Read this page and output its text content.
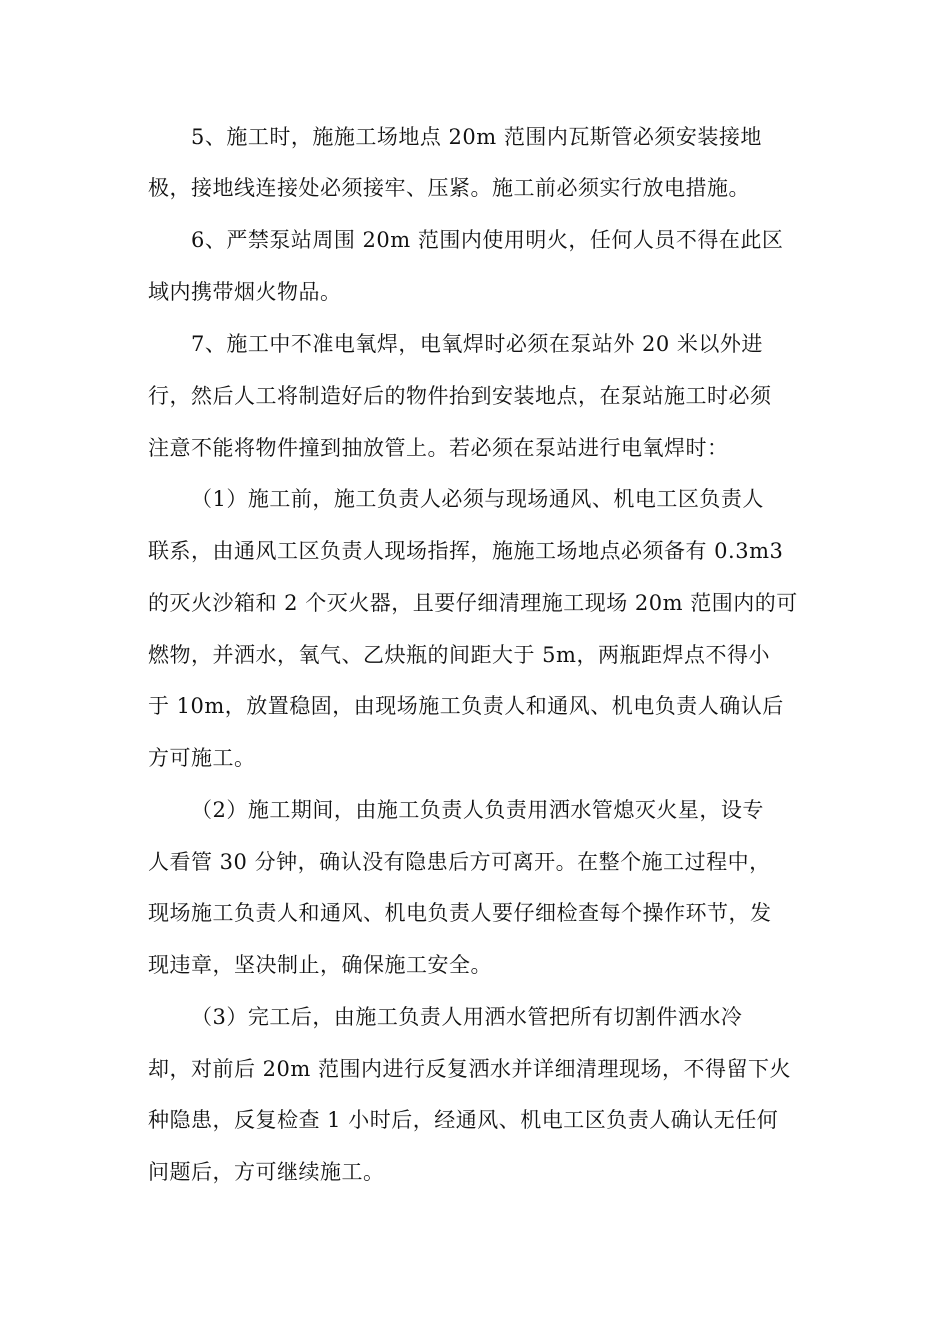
5、施工时，施施工场地点 20m 范围内瓦斯管必须安装接地
极，接地线连接处必须接牢、压紧。施工前必须实行放电措施。
6、严禁泵站周围 20m 范围内使用明火，任何人员不得在此区
域内携带烟火物品。
7、施工中不准电氧焊，电氧焊时必须在泵站外 20 米以外进
行，然后人工将制造好后的物件抬到安装地点，在泵站施工时必须
注意不能将物件撞到抽放管上。若必须在泵站进行电氧焊时：
（1）施工前，施工负责人必须与现场通风、机电工区负责人
联系，由通风工区负责人现场指挥，施施工场地点必须备有 0.3m3
的灭火沙箱和 2 个灭火器，且要仔细清理施工现场 20m 范围内的可
燃物，并洒水，氧气、乙炔瓶的间距大于 5m，两瓶距焊点不得小
于 10m，放置稳固，由现场施工负责人和通风、机电负责人确认后
方可施工。
（2）施工期间，由施工负责人负责用洒水管熄灭火星，设专
人看管 30 分钟，确认没有隐患后方可离开。在整个施工过程中，
现场施工负责人和通风、机电负责人要仔细检查每个操作环节，发
现违章，坚决制止，确保施工安全。
（3）完工后，由施工负责人用洒水管把所有切割件洒水冷
却，对前后 20m 范围内进行反复洒水并详细清理现场，不得留下火
种隐患，反复检查 1 小时后，经通风、机电工区负责人确认无任何
问题后，方可继续施工。
